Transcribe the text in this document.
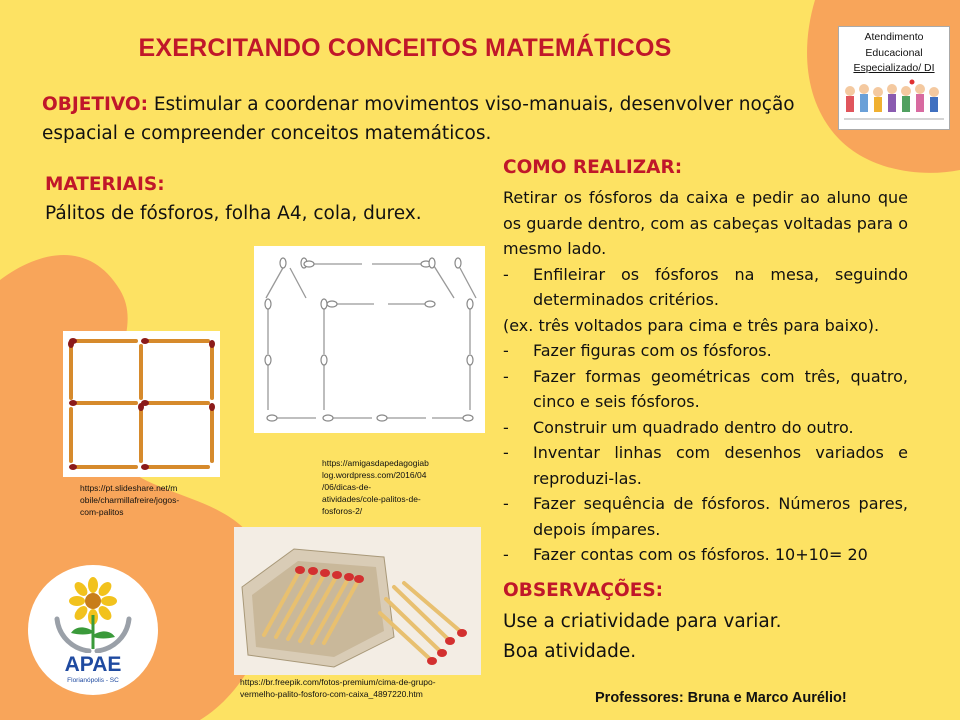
EXERCITANDO CONCEITOS MATEMÁTICOS	Atendimento
Educacional
Especializado/ DI
OBJETIVO: Estimular a coordenar movimentos viso-manuais, desenvolver noção espacial e compreender conceitos matemáticos.
MATERIAIS:
Pálitos de fósforos, folha A4, cola, durex.
https://pt.slideshare.net/m
obile/charmillafreire/jogos-
com-palitos
https://amigasdapedagogiab
log.wordpress.com/2016/04
/06/dicas-de-
atividades/cole-palitos-de-
fosforos-2/
https://br.freepik.com/fotos-premium/cima-de-grupo-
vermelho-palito-fosforo-com-caixa_4897220.htm
COMO REALIZAR:

Retirar os fósforos da caixa e pedir ao aluno que os guarde dentro, com as cabeças voltadas para o mesmo lado.

-	Enfileirar os fósforos na mesa, seguindo determinados critérios.

(ex. três voltados para cima e três para baixo).

-	Fazer figuras com os fósforos.
-	Fazer formas geométricas com três, quatro, cinco e seis fósforos.
-	Construir um quadrado dentro do outro.
-	Inventar linhas com desenhos variados e reproduzi-las.
-	Fazer sequência de fósforos. Números pares, depois ímpares.
-	Fazer contas com os fósforos. 10+10= 20
OBSERVAÇÕES:
Use a criatividade para variar.
Boa atividade.
Professores: Bruna e Marco Aurélio!
APAE
Florianópolis - SC
